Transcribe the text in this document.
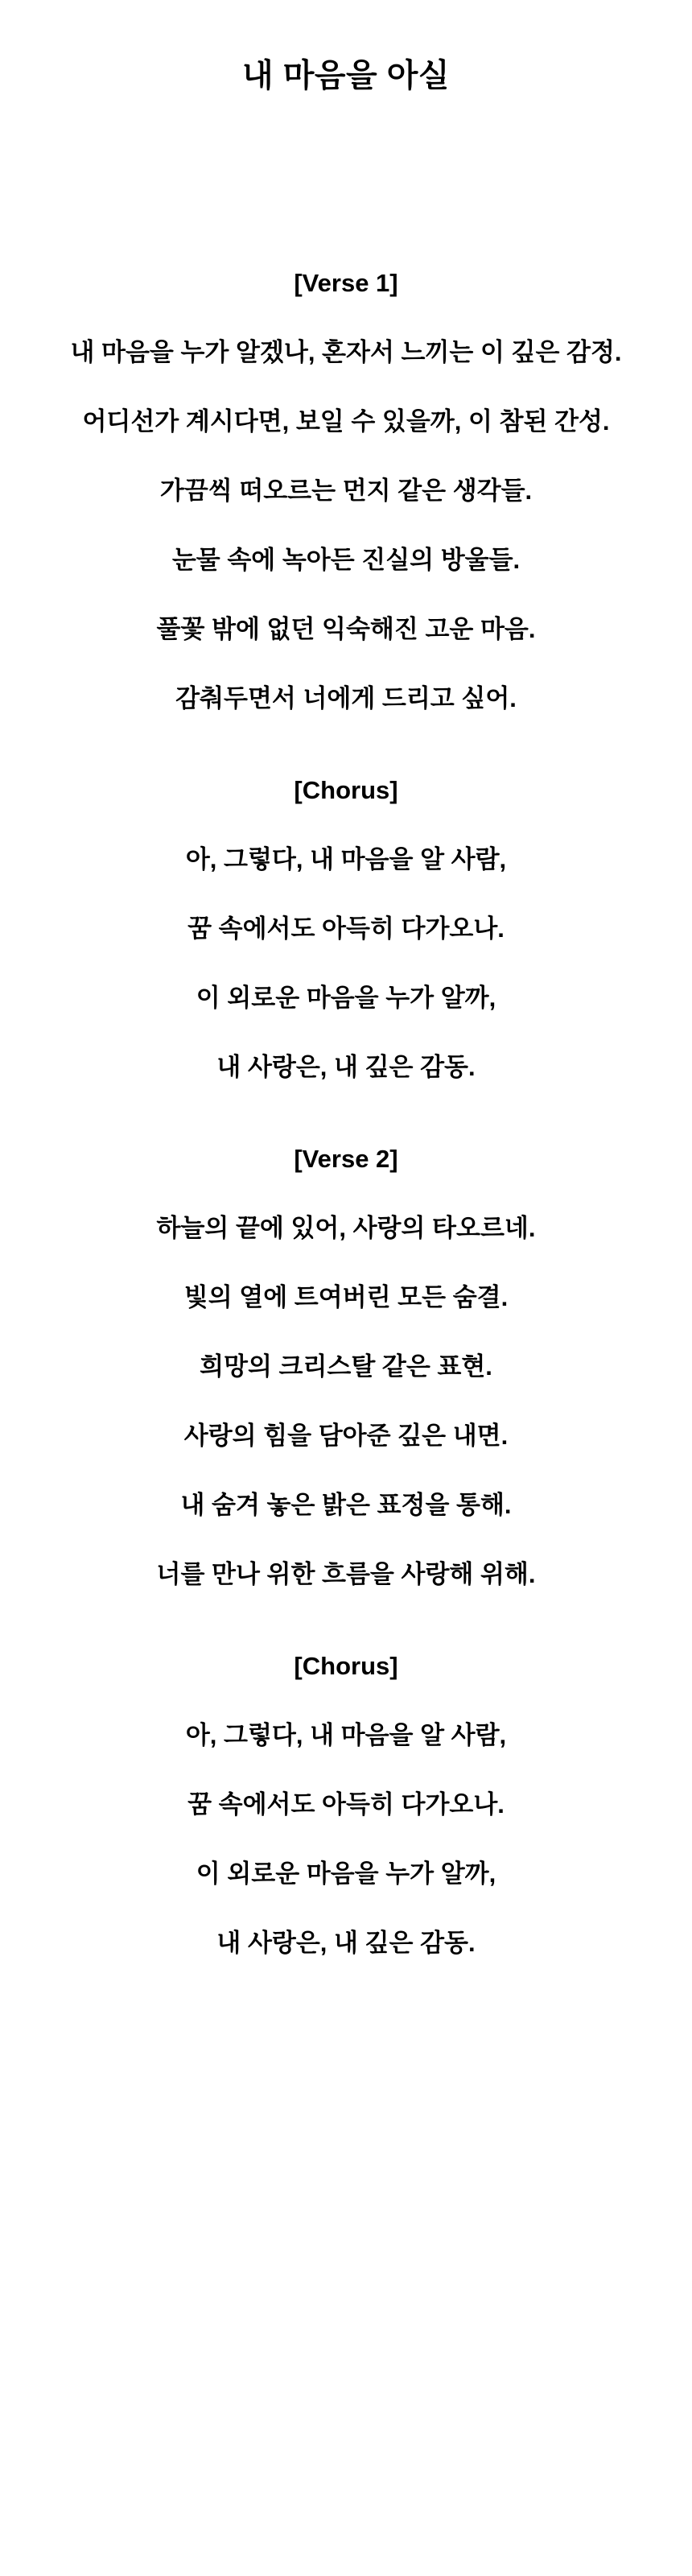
내 마음을 아실

[Verse 1]

내 마음을 누가 알겠나, 혼자서 느끼는 이 깊은 감정.

어디선가 계시다면, 보일 수 있을까, 이 참된 간성.

가끔씩 떠오르는 먼지 같은 생각들.

눈물 속에 녹아든 진실의 방울들.

풀꽃 밖에 없던 익숙해진 고운 마음.

감춰두면서 너에게 드리고 싶어.

[Chorus]

아, 그렇다, 내 마음을 알 사람,

꿈 속에서도 아득히 다가오나.

이 외로운 마음을 누가 알까,

내 사랑은, 내 깊은 감동.

[Verse 2]

하늘의 끝에 있어, 사랑의 타오르네.

빛의 열에 트여버린 모든 숨결.

희망의 크리스탈 같은 표현.

사랑의 힘을 담아준 깊은 내면.

내 숨겨 놓은 밝은 표정을 통해.

너를 만나 위한 흐름을 사랑해 위해.

[Chorus]

아, 그렇다, 내 마음을 알 사람,

꿈 속에서도 아득히 다가오나.

이 외로운 마음을 누가 알까,

내 사랑은, 내 깊은 감동.
